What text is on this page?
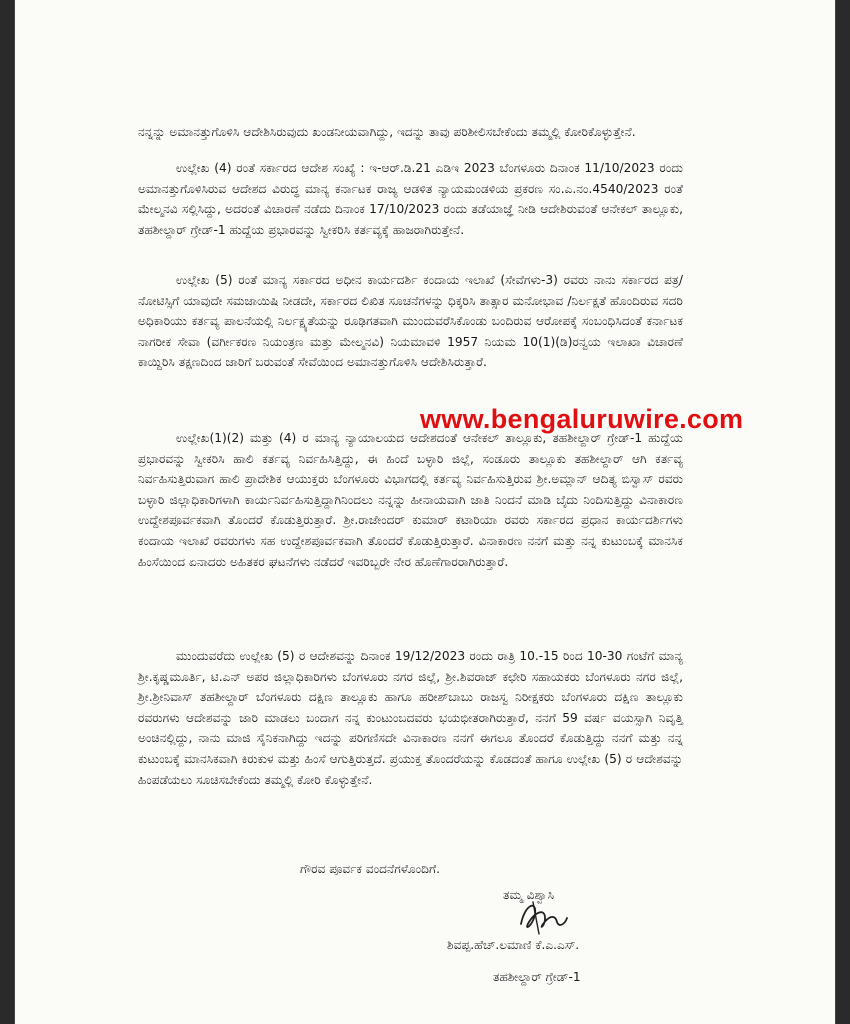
ನನ್ನನ್ನು ಅಮಾನತ್ತುಗೊಳಿಸಿ ಆದೇಶಿಸಿರುವುದು ಖಂಡನೀಯವಾಗಿದ್ದು, ಇದನ್ನು ತಾವು ಪರಿಶೀಲಿಸಬೇಕೆಂದು ತಮ್ಮಲ್ಲಿ ಕೋರಿಕೊಳ್ಳುತ್ತೇನೆ.

ಉಲ್ಲೇಖ (4) ರಂತೆ ಸರ್ಕಾರದ ಆದೇಶ ಸಂಖ್ಯೆ : ಇ-ಆರ್.ಡಿ.21 ಎಡಿಇ 2023 ಬೆಂಗಳೂರು ದಿನಾಂಕ 11/10/2023 ರಂದು ಅಮಾನತ್ತುಗೊಳಿಸಿರುವ ಆದೇಶದ ವಿರುದ್ಧ ಮಾನ್ಯ ಕರ್ನಾಟಕ ರಾಜ್ಯ ಆಡಳಿತ ನ್ಯಾಯಮಂಡಳಿಯ ಪ್ರಕರಣ ಸಂ.ಎ.ನಂ.4540/2023 ರಂತೆ ಮೇಲ್ಮನವಿ ಸಲ್ಲಿಸಿದ್ದು, ಅದರಂತೆ ವಿಚಾರಣೆ ನಡೆದು ದಿನಾಂಕ 17/10/2023 ರಂದು ತಡೆಯಾಜ್ಞೆ ನೀಡಿ ಆದೇಶಿರುವಂತೆ ಆನೇಕಲ್ ತಾಲ್ಲೂಕು, ತಹಶೀಲ್ದಾರ್ ಗ್ರೇಡ್-1 ಹುದ್ದೆಯ ಪ್ರಭಾರವನ್ನು ಸ್ವೀಕರಿಸಿ ಕರ್ತವ್ಯಕ್ಕೆ ಹಾಜರಾಗಿರುತ್ತೇನೆ.

ಉಲ್ಲೇಖ (5) ರಂತೆ ಮಾನ್ಯ ಸರ್ಕಾರದ ಅಧೀನ ಕಾರ್ಯದರ್ಶಿ ಕಂದಾಯ ಇಲಾಖೆ (ಸೇವೆಗಳು-3) ರವರು ನಾನು ಸರ್ಕಾರದ ಪತ್ರ/ ನೋಟಿಸ್ಸಿಗೆ ಯಾವುದೇ ಸಮಜಾಯಿಷಿ ನೀಡದೇ, ಸರ್ಕಾರದ ಲಿಖಿತ ಸೂಚನೆಗಳನ್ನು ಧಿಕ್ಕರಿಸಿ ತಾತ್ಸಾರ ಮನೋಭಾವ /ನಿರ್ಲಕ್ಷತೆ ಹೊಂದಿರುವ ಸದರಿ ಅಧಿಕಾರಿಯು ಕರ್ತವ್ಯ ಪಾಲನೆಯಲ್ಲಿ ನಿರ್ಲಕ್ಷ್ಯತೆಯನ್ನು ರೂಢಿಗತವಾಗಿ ಮುಂದುವರೆಸಿಕೊಂಡು ಬಂದಿರುವ ಆರೋಪಕ್ಕೆ ಸಂಬಂಧಿಸಿದಂತೆ ಕರ್ನಾಟಕ ನಾಗರೀಕ ಸೇವಾ (ವರ್ಗೀಕರಣ ನಿಯಂತ್ರಣ ಮತ್ತು ಮೇಲ್ಮನವಿ) ನಿಯಮಾವಳಿ 1957 ನಿಯಮ 10(1)(ಡಿ)ರನ್ವಯ ಇಲಾಖಾ ವಿಚಾರಣೆ ಕಾಯ್ದಿರಿಸಿ ತಕ್ಷಣದಿಂದ ಜಾರಿಗೆ ಬರುವಂತೆ ಸೇವೆಯಿಂದ ಅಮಾನತ್ತುಗೊಳಿಸಿ ಆದೇಶಿಸಿರುತ್ತಾರೆ.

ಉಲ್ಲೇಖ(1)(2) ಮತ್ತು (4) ರ ಮಾನ್ಯ ನ್ಯಾಯಾಲಯದ ಆದೇಶದಂತೆ ಆನೇಕಲ್ ತಾಲ್ಲೂಕು, ತಹಶೀಲ್ದಾರ್ ಗ್ರೇಡ್-1 ಹುದ್ದೆಯ ಪ್ರಭಾರವನ್ನು ಸ್ವೀಕರಿಸಿ ಹಾಲಿ ಕರ್ತವ್ಯ ನಿರ್ವಹಿಸಿತ್ತಿದ್ದು, ಈ ಹಿಂದೆ ಬಳ್ಳಾರಿ ಜಿಲ್ಲೆ, ಸಂಡೂರು ತಾಲ್ಲೂಕು ತಹಶೀಲ್ದಾರ್ ಆಗಿ ಕರ್ತವ್ಯ ನಿರ್ವಹಿಸುತ್ತಿರುವಾಗ ಹಾಲಿ ಪ್ರಾದೇಶಿಕ ಆಯುಕ್ತರು ಬೆಂಗಳೂರು ವಿಭಾಗದಲ್ಲಿ ಕರ್ತವ್ಯ ನಿರ್ವಹಿಸುತ್ತಿರುವ ಶ್ರೀ.ಅಮ್ಲಾನ್ ಆದಿತ್ಯ ಬಿಸ್ವಾಸ್ ರವರು ಬಳ್ಳಾರಿ ಜಿಲ್ಲಾಧಿಕಾರಿಗಳಾಗಿ ಕಾರ್ಯನಿರ್ವಹಿಸುತ್ತಿದ್ದಾಗಿನಿಂದಲು ನನ್ನನ್ನು ಹೀನಾಯವಾಗಿ ಜಾತಿ ನಿಂದನೆ ಮಾಡಿ ಬೈದು ನಿಂದಿಸುತ್ತಿದ್ದು ವಿನಾಕಾರಣ ಉದ್ದೇಶಪೂರ್ವಕವಾಗಿ ತೊಂದರೆ ಕೊಡುತ್ತಿರುತ್ತಾರೆ. ಶ್ರೀ.ರಾಜೇಂದರ್ ಕುಮಾರ್ ಕಟಾರಿಯಾ ರವರು ಸರ್ಕಾರದ ಪ್ರಧಾನ ಕಾರ್ಯದರ್ಶಿಗಳು ಕಂದಾಯ ಇಲಾಖೆ ರವರುಗಳು ಸಹ ಉದ್ದೇಶಪೂರ್ವಕವಾಗಿ ತೊಂದರೆ ಕೊಡುತ್ತಿರುತ್ತಾರೆ. ವಿನಾಕಾರಣ ನನಗೆ ಮತ್ತು ನನ್ನ ಕುಟುಂಬಕ್ಕೆ ಮಾನಸಿಕ ಹಿಂಸೆಯಿಂದ ಏನಾದರು ಅಹಿತಕರ ಘಟನೆಗಳು ನಡೆದರೆ ಇವರಿಬ್ಬರೇ ನೇರ ಹೊಣೆಗಾರರಾಗಿರುತ್ತಾರೆ.

ಮುಂದುವರೆದು ಉಲ್ಲೇಖ (5) ರ ಆದೇಶವನ್ನು ದಿನಾಂಕ 19/12/2023 ರಂದು ರಾತ್ರಿ 10.-15 ರಿಂದ 10-30 ಗಂಟೆಗೆ ಮಾನ್ಯ ಶ್ರೀ.ಕೃಷ್ಣಮೂರ್ತಿ, ಟಿ.ಎನ್ ಅಪರ ಜಿಲ್ಲಾಧಿಕಾರಿಗಳು ಬೆಂಗಳೂರು ನಗರ ಜಿಲ್ಲೆ, ಶ್ರೀ.ಶಿವರಾಜ್ ಕಛೇರಿ ಸಹಾಯಕರು ಬೆಂಗಳೂರು ನಗರ ಜಿಲ್ಲೆ, ಶ್ರೀ.ಶ್ರೀನಿವಾಸ್ ತಹಶೀಲ್ದಾರ್ ಬೆಂಗಳೂರು ದಕ್ಷಿಣ ತಾಲ್ಲೂಕು ಹಾಗೂ ಹರೀಶ್‌ಬಾಬು ರಾಜಸ್ವ ನಿರೀಕ್ಷಕರು ಬೆಂಗಳೂರು ದಕ್ಷಿಣ ತಾಲ್ಲೂಕು ರವರುಗಳು ಆದೇಶವನ್ನು ಜಾರಿ ಮಾಡಲು ಬಂದಾಗ ನನ್ನ ಕುಂಟುಂಬದವರು ಭಯಭೀತರಾಗಿರುತ್ತಾರೆ, ನನಗೆ 59 ವರ್ಷ ವಯಸ್ಸಾಗಿ ನಿವೃತ್ತಿ ಅಂಚಿನಲ್ಲಿದ್ದು, ನಾನು ಮಾಜಿ ಸೈನಿಕನಾಗಿದ್ದು ಇದನ್ನು ಪರಿಗಣಿಸದೇ ವಿನಾಕಾರಣ ನನಗೆ ಈಗಲೂ ತೊಂದರೆ ಕೊಡುತ್ತಿದ್ದು ನನಗೆ ಮತ್ತು ನನ್ನ ಕುಟುಂಬಕ್ಕೆ ಮಾನಸಿಕವಾಗಿ ಕಿರುಕುಳ ಮತ್ತು ಹಿಂಸೆ ಆಗುತ್ತಿರುತ್ತದೆ. ಪ್ರಯುಕ್ತ ತೊಂದರೆಯನ್ನು ಕೊಡದಂತೆ ಹಾಗೂ ಉಲ್ಲೇಖ (5) ರ ಆದೇಶವನ್ನು ಹಿಂಪಡೆಯಲು ಸೂಚಿಸಬೇಕೆಂದು ತಮ್ಮಲ್ಲಿ ಕೋರಿ ಕೊಳ್ಳುತ್ತೇನೆ.

ಗೌರವ ಪೂರ್ವಕ ವಂದನೆಗಳೊಂದಿಗೆ.
ತಮ್ಮ ವಿಶ್ವಾಸಿ
ಶಿವಪ್ಪ.ಹೆಚ್.ಲಮಾಣಿ ಕೆ.ಎ.ಎಸ್.
ತಹಶೀಲ್ದಾರ್ ಗ್ರೇಡ್-1
www.bengaluruwire.com
